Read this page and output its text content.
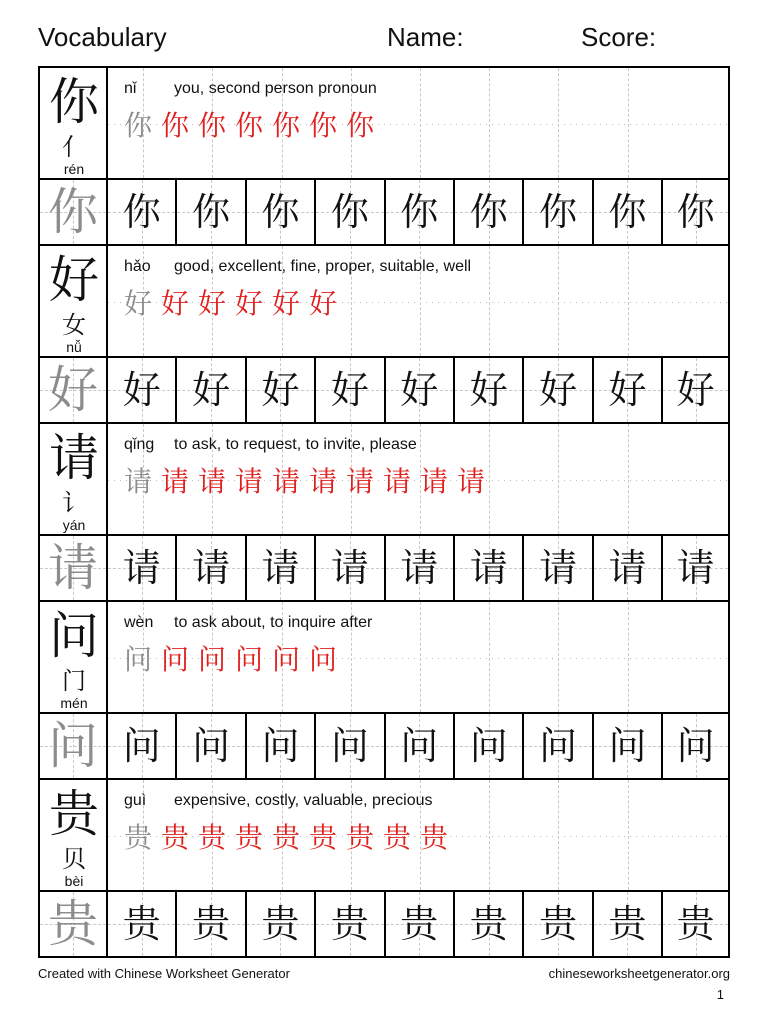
Vocabulary	Name:	Score:
你
亻
rén
nǐ you, second person pronoun
你 你 你 你 你 你 你
你 你 你 你 你 你 你 你 你 你
好
女
nǚ
hǎo good, excellent, fine, proper, suitable, well
好 好 好 好 好 好
好 好 好 好 好 好 好 好 好 好
请
讠
yán
qǐng to ask, to request, to invite, please
请 请 请 请 请 请 请 请 请 请
请 请 请 请 请 请 请 请 请 请
问
门
mén
wèn to ask about, to inquire after
问 问 问 问 问 问
问 问 问 问 问 问 问 问 问 问
贵
贝
bèi
guì expensive, costly, valuable, precious
贵 贵 贵 贵 贵 贵 贵 贵 贵
贵 贵 贵 贵 贵 贵 贵 贵 贵 贵
Created with Chinese Worksheet Generator	chineseworksheetgenerator.org
1
